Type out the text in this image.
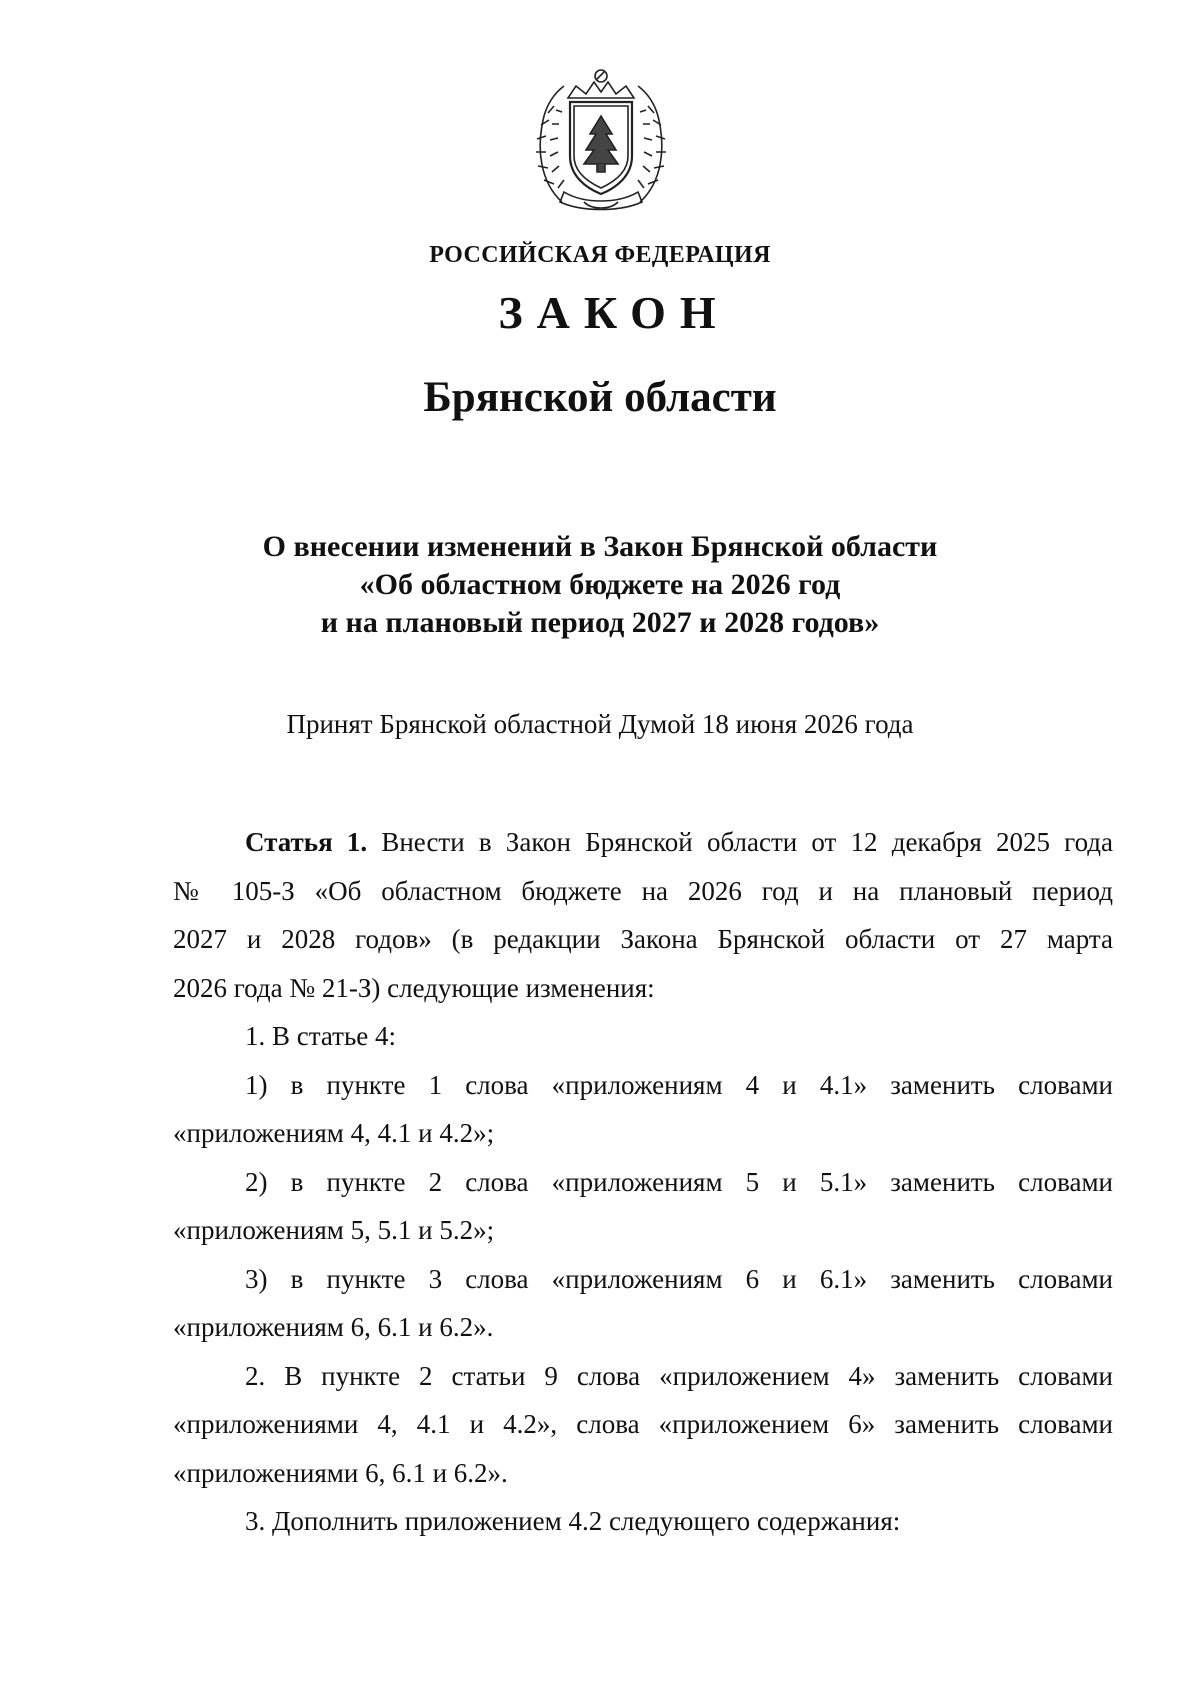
РОССИЙСКАЯ ФЕДЕРАЦИЯ
ЗАКОН
Брянской области
О внесении изменений в Закон Брянской области
«Об областном бюджете на 2026 год
и на плановый период 2027 и 2028 годов»
Принят Брянской областной Думой 18 июня 2026 года

Статья 1. Внести в Закон Брянской области от 12 декабря 2025 года

№ 105-З «Об областном бюджете на 2026 год и на плановый период
2027 и 2028 годов» (в редакции Закона Брянской области от 27 марта
2026 года № 21-З) следующие изменения:

1. В статье 4:

1) в пункте 1 слова «приложениям 4 и 4.1» заменить словами

«приложениям 4, 4.1 и 4.2»;

2) в пункте 2 слова «приложениям 5 и 5.1» заменить словами

«приложениям 5, 5.1 и 5.2»;

3) в пункте 3 слова «приложениям 6 и 6.1» заменить словами

«приложениям 6, 6.1 и 6.2».

2. В пункте 2 статьи 9 слова «приложением 4» заменить словами

«приложениями 4, 4.1 и 4.2», слова «приложением 6» заменить словами
«приложениями 6, 6.1 и 6.2».

3. Дополнить приложением 4.2 следующего содержания:
